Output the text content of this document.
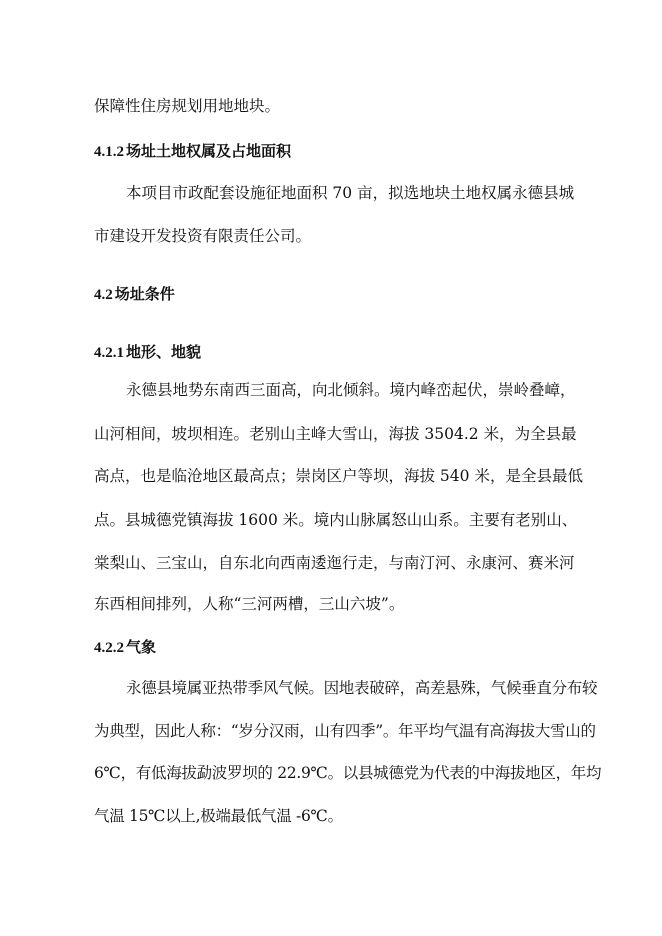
保障性住房规划用地地块。
4.1.2 场址土地权属及占地面积
本项目市政配套设施征地面积 70 亩，拟选地块土地权属永德县城
市建设开发投资有限责任公司。
4.2 场址条件
4.2.1 地形、地貌
永德县地势东南西三面高，向北倾斜。境内峰峦起伏，崇岭叠嶂，
山河相间，坡坝相连。老别山主峰大雪山，海拔 3504.2 米，为全县最
高点，也是临沧地区最高点；崇岗区户等坝，海拔 540 米，是全县最低
点。县城德党镇海拔 1600 米。境内山脉属怒山山系。主要有老别山、
棠梨山、三宝山，自东北向西南逶迤行走，与南汀河、永康河、赛米河
东西相间排列，人称“三河两槽，三山六坡”。
4.2.2 气象
永德县境属亚热带季风气候。因地表破碎，高差悬殊，气候垂直分布较
为典型，因此人称：“岁分汉雨，山有四季”。年平均气温有高海拔大雪山的
6℃，有低海拔勐波罗坝的 22.9℃。以县城德党为代表的中海拔地区，年均
气温 15℃以上,极端最低气温 -6℃。
